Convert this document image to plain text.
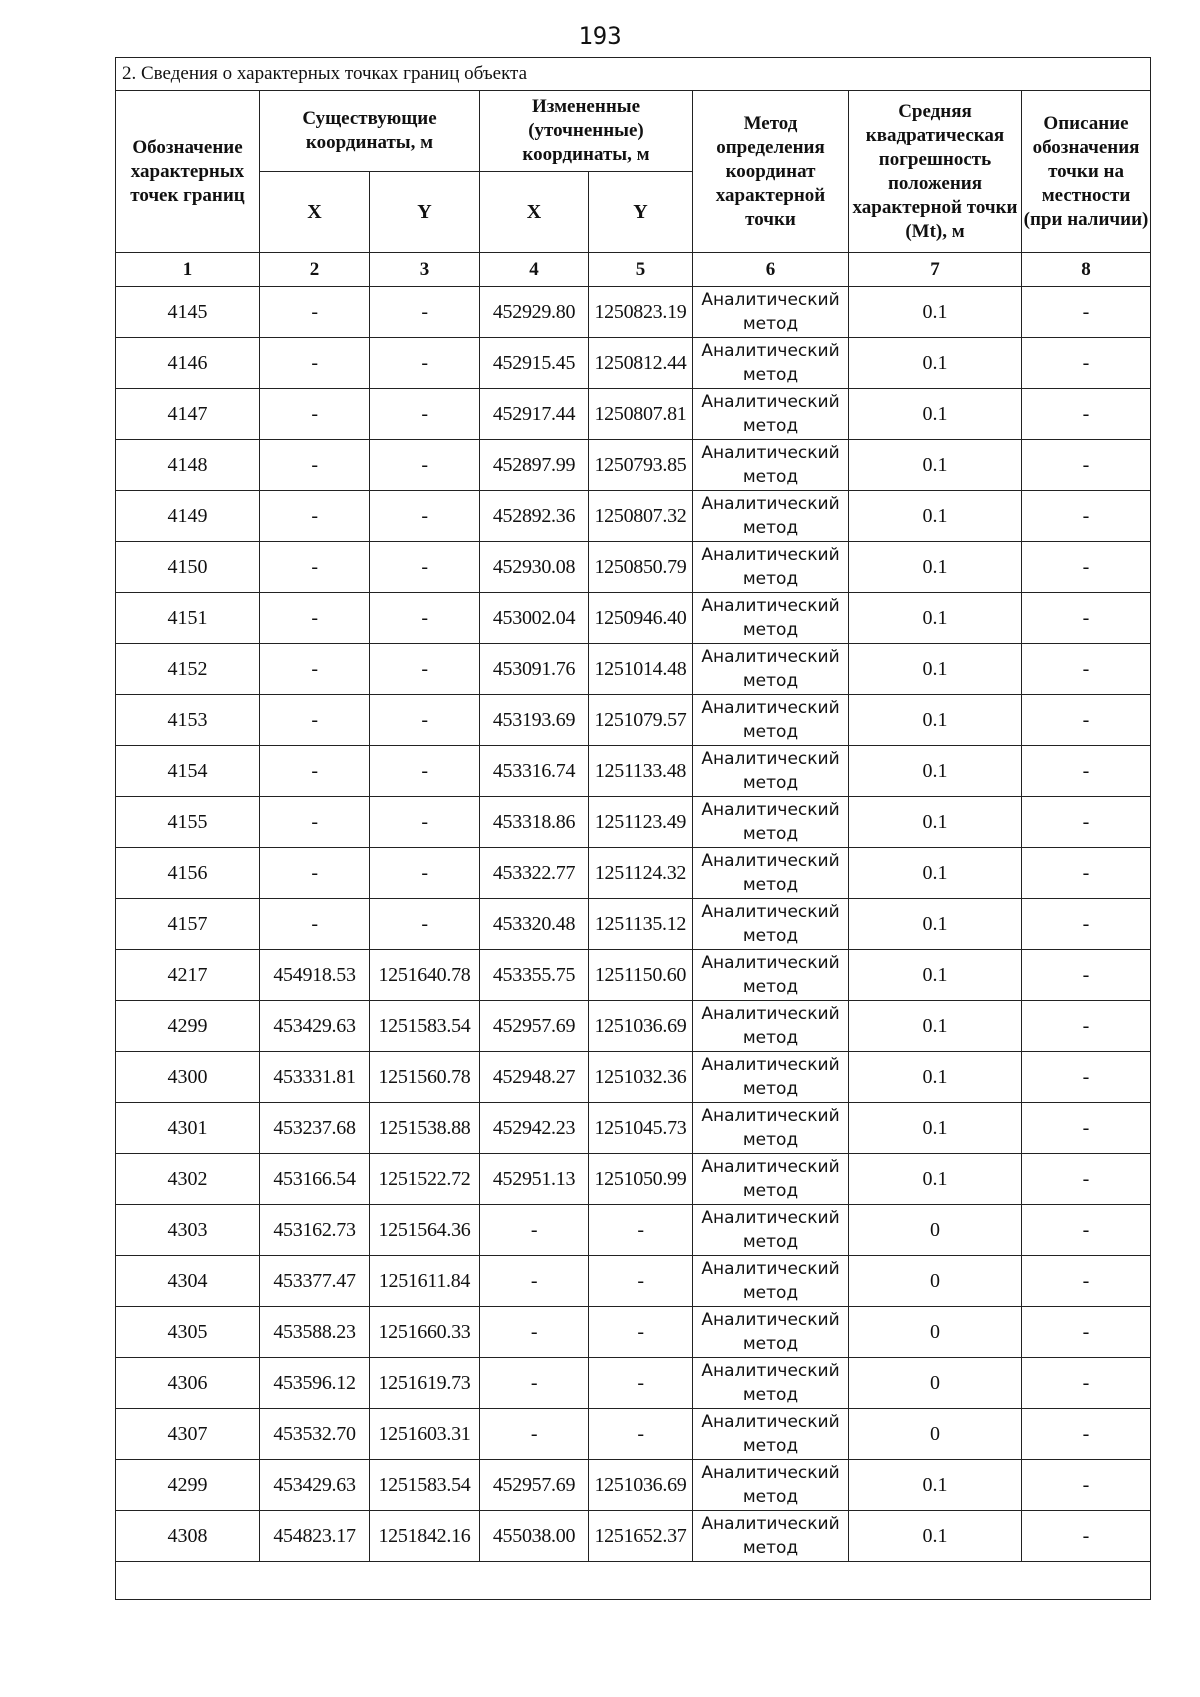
193
2. Сведения о характерных точках границ объекта							
Обозначение характерных точек границ	Существующие координаты, м		Измененные (уточненные) координаты, м		Метод определения координат характерной точки	Средняя квадратическая погрешность положения характерной точки (Mt), м	Описание обозначения точки на местности (при наличии)
	X	Y	X	Y			
1	2	3	4	5	6	7	8
4145	-	-	452929.80	1250823.19	Аналитический метод	0.1	-
4146	-	-	452915.45	1250812.44	Аналитический метод	0.1	-
4147	-	-	452917.44	1250807.81	Аналитический метод	0.1	-
4148	-	-	452897.99	1250793.85	Аналитический метод	0.1	-
4149	-	-	452892.36	1250807.32	Аналитический метод	0.1	-
4150	-	-	452930.08	1250850.79	Аналитический метод	0.1	-
4151	-	-	453002.04	1250946.40	Аналитический метод	0.1	-
4152	-	-	453091.76	1251014.48	Аналитический метод	0.1	-
4153	-	-	453193.69	1251079.57	Аналитический метод	0.1	-
4154	-	-	453316.74	1251133.48	Аналитический метод	0.1	-
4155	-	-	453318.86	1251123.49	Аналитический метод	0.1	-
4156	-	-	453322.77	1251124.32	Аналитический метод	0.1	-
4157	-	-	453320.48	1251135.12	Аналитический метод	0.1	-
4217	454918.53	1251640.78	453355.75	1251150.60	Аналитический метод	0.1	-
4299	453429.63	1251583.54	452957.69	1251036.69	Аналитический метод	0.1	-
4300	453331.81	1251560.78	452948.27	1251032.36	Аналитический метод	0.1	-
4301	453237.68	1251538.88	452942.23	1251045.73	Аналитический метод	0.1	-
4302	453166.54	1251522.72	452951.13	1251050.99	Аналитический метод	0.1	-
4303	453162.73	1251564.36	-	-	Аналитический метод	0	-
4304	453377.47	1251611.84	-	-	Аналитический метод	0	-
4305	453588.23	1251660.33	-	-	Аналитический метод	0	-
4306	453596.12	1251619.73	-	-	Аналитический метод	0	-
4307	453532.70	1251603.31	-	-	Аналитический метод	0	-
4299	453429.63	1251583.54	452957.69	1251036.69	Аналитический метод	0.1	-
4308	454823.17	1251842.16	455038.00	1251652.37	Аналитический метод	0.1	-
